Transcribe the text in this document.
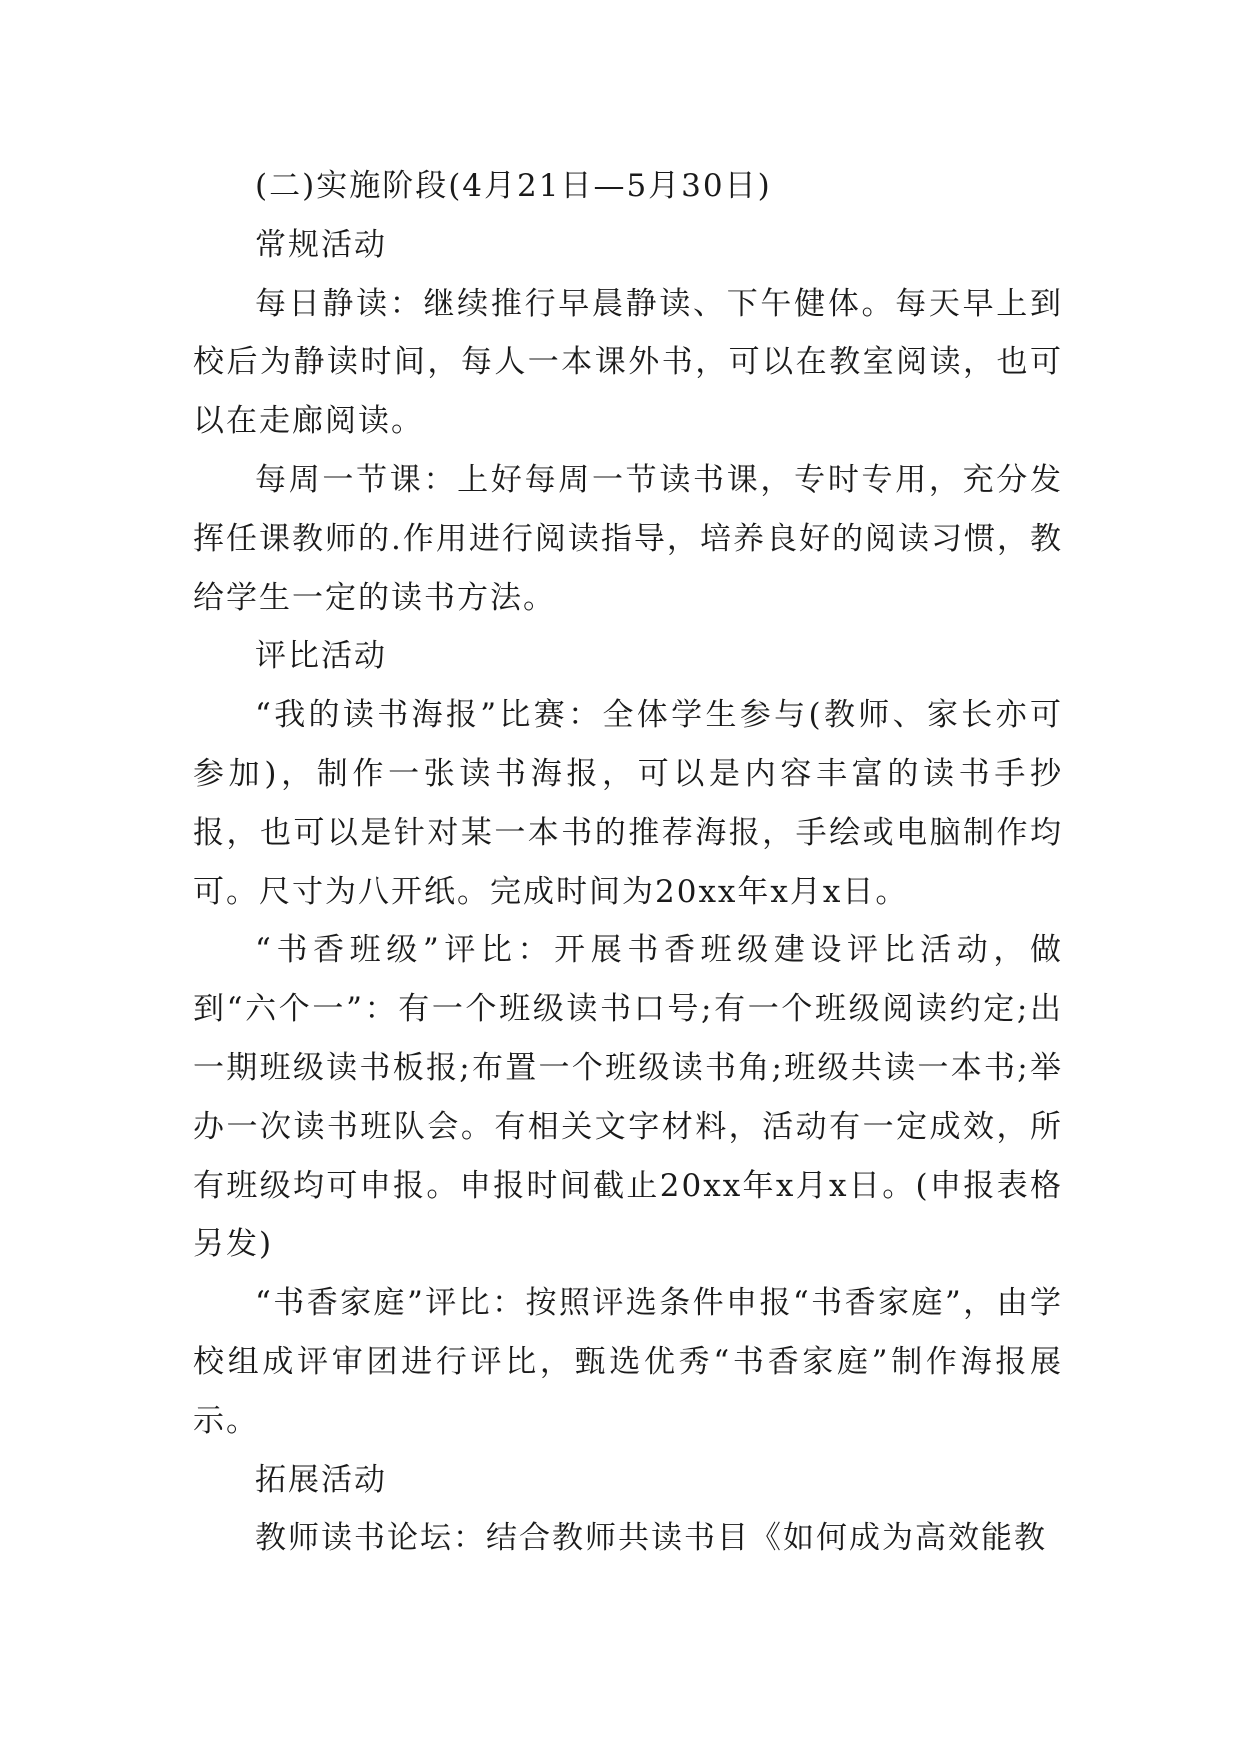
(二)实施阶段(4月21日—5月30日)

常规活动

每日静读：继续推行早晨静读、下午健体。每天早上到校后为静读时间，每人一本课外书，可以在教室阅读，也可以在走廊阅读。

每周一节课：上好每周一节读书课，专时专用，充分发挥任课教师的.作用进行阅读指导，培养良好的阅读习惯，教给学生一定的读书方法。

评比活动

“我的读书海报”比赛：全体学生参与(教师、家长亦可参加)，制作一张读书海报，可以是内容丰富的读书手抄报，也可以是针对某一本书的推荐海报，手绘或电脑制作均可。尺寸为八开纸。完成时间为20xx年x月x日。

“书香班级”评比：开展书香班级建设评比活动，做到“六个一”：有一个班级读书口号;有一个班级阅读约定;出一期班级读书板报;布置一个班级读书角;班级共读一本书;举办一次读书班队会。有相关文字材料，活动有一定成效，所有班级均可申报。申报时间截止20xx年x月x日。(申报表格另发)

“书香家庭”评比：按照评选条件申报“书香家庭”，由学校组成评审团进行评比，甄选优秀“书香家庭”制作海报展示。

拓展活动

教师读书论坛：结合教师共读书目《如何成为高效能教
